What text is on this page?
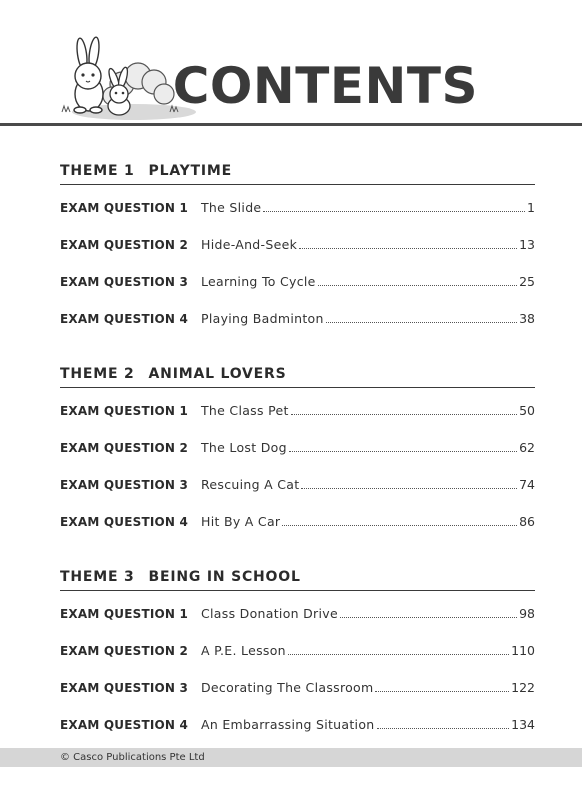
CONTENTS
THEME 1 PLAYTIME
EXAM QUESTION 1	The Slide	1
EXAM QUESTION 2	Hide-And-Seek	13
EXAM QUESTION 3	Learning To Cycle	25
EXAM QUESTION 4	Playing Badminton	38
THEME 2 ANIMAL LOVERS
EXAM QUESTION 1	The Class Pet	50
EXAM QUESTION 2	The Lost Dog	62
EXAM QUESTION 3	Rescuing A Cat	74
EXAM QUESTION 4	Hit By A Car	86
THEME 3 BEING IN SCHOOL
EXAM QUESTION 1	Class Donation Drive	98
EXAM QUESTION 2	A P.E. Lesson	110
EXAM QUESTION 3	Decorating The Classroom	122
EXAM QUESTION 4	An Embarrassing Situation	134
© Casco Publications Pte Ltd
